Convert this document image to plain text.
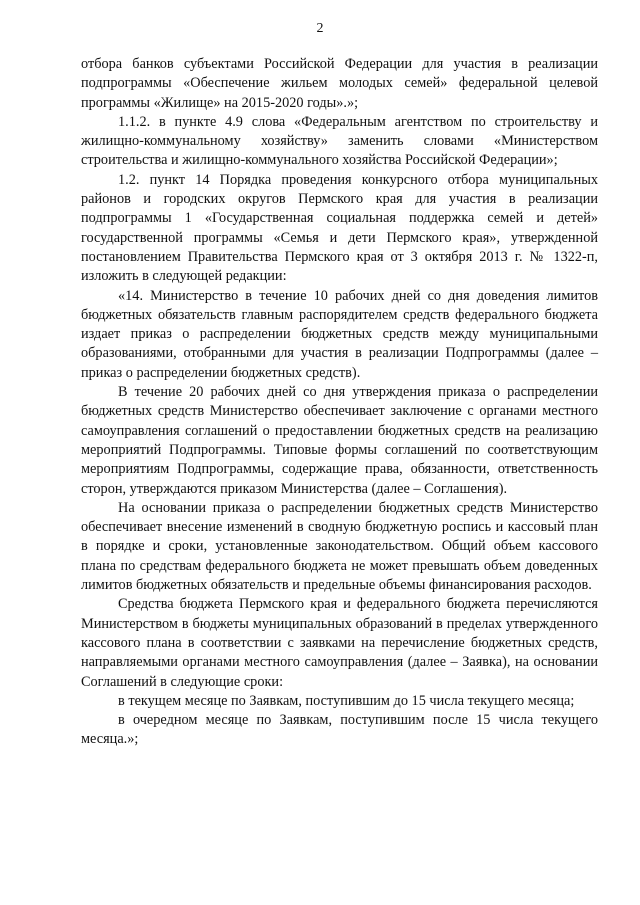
2

отбора банков субъектами Российской Федерации для участия в реализации подпрограммы «Обеспечение жильем молодых семей» федеральной целевой программы «Жилище» на 2015-2020 годы».»;

1.1.2. в пункте 4.9 слова «Федеральным агентством по строительству и жилищно-коммунальному хозяйству» заменить словами «Министерством строительства и жилищно-коммунального хозяйства Российской Федерации»;

1.2. пункт 14 Порядка проведения конкурсного отбора муниципальных районов и городских округов Пермского края для участия в реализации подпрограммы 1 «Государственная социальная поддержка семей и детей» государственной программы «Семья и дети Пермского края», утвержденной постановлением Правительства Пермского края от 3 октября 2013 г. № 1322-п, изложить в следующей редакции:

«14. Министерство в течение 10 рабочих дней со дня доведения лимитов бюджетных обязательств главным распорядителем средств федерального бюджета издает приказ о распределении бюджетных средств между муниципальными образованиями, отобранными для участия в реализации Подпрограммы (далее – приказ о распределении бюджетных средств).

В течение 20 рабочих дней со дня утверждения приказа о распределении бюджетных средств Министерство обеспечивает заключение с органами местного самоуправления соглашений о предоставлении бюджетных средств на реализацию мероприятий Подпрограммы. Типовые формы соглашений по соответствующим мероприятиям Подпрограммы, содержащие права, обязанности, ответственность сторон, утверждаются приказом Министерства (далее – Соглашения).

На основании приказа о распределении бюджетных средств Министерство обеспечивает внесение изменений в сводную бюджетную роспись и кассовый план в порядке и сроки, установленные законодательством. Общий объем кассового плана по средствам федерального бюджета не может превышать объем доведенных лимитов бюджетных обязательств и предельные объемы финансирования расходов.

Средства бюджета Пермского края и федерального бюджета перечисляются Министерством в бюджеты муниципальных образований в пределах утвержденного кассового плана в соответствии с заявками на перечисление бюджетных средств, направляемыми органами местного самоуправления (далее – Заявка), на основании Соглашений в следующие сроки:

в текущем месяце по Заявкам, поступившим до 15 числа текущего месяца;

в очередном месяце по Заявкам, поступившим после 15 числа текущего месяца.»;
